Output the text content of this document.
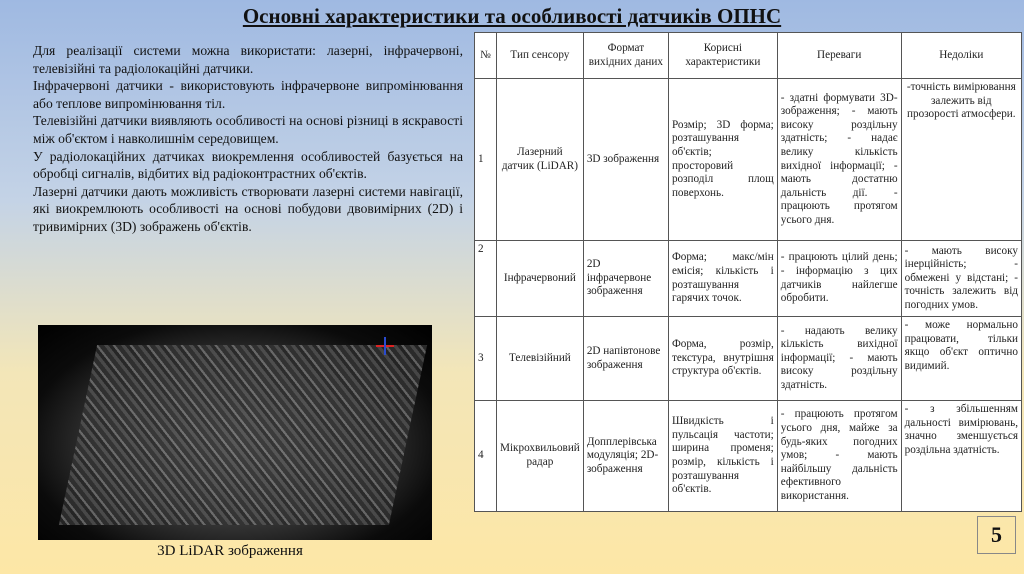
Основні характеристики та особливості датчиків ОПНС

Для реалізації системи можна використати: лазерні, інфрачервоні, телевізійні та радіолокаційні датчики.

Інфрачервоні датчики - використовують інфрачервоне випромінювання або теплове випромінювання тіл.

Телевізійні датчики виявляють особливості на основі різниці в яскравості між об'єктом і навколишнім середовищем.

У радіолокаційних датчиках виокремлення особливостей базується на обробці сигналів, відбитих від радіоконтрастних об'єктів.

Лазерні датчики дають можливість створювати лазерні системи навігації, які виокремлюють особливості на основі побудови двовимірних (2D) і тривимірних (3D) зображень об'єктів.

3D LiDAR зображення
№	Тип сенсору	Формат вихідних даних	Корисні характеристики	Переваги	Недоліки
1	Лазерний датчик (LiDAR)	3D зображення	Розмір; 3D форма; розташування об'єктів; просторовий розподіл площ поверхонь.	- здатні формувати 3D-зображення; - мають високу роздільну здатність; - надає велику кількість вихідної інформації; - мають достатню дальність дії. - працюють протягом усього дня.	-точність вимірювання залежить від прозорості атмосфери.
2	Інфрачервоний	2D інфрачервоне зображення	Форма; макс/мін емісія; кількість і розташування гарячих точок.	- працюють цілий день; - інформацію з цих датчиків найлегше обробити.	- мають високу інерційність; - обмежені у відстані; - точність залежить від погодних умов.
3	Телевізійний	2D напівтонове зображення	Форма, розмір, текстура, внутрішня структура об'єктів.	- надають велику кількість вихідної інформації; - мають високу роздільну здатність.	- може нормально працювати, тільки якщо об'єкт оптично видимий.
4	Мікрохвильовий радар	Допплерівська модуляція; 2D-зображення	Швидкість і пульсація частоти; ширина променя; розмір, кількість і розташування об'єктів.	- працюють протягом усього дня, майже за будь-яких погодних умов; - мають найбільшу дальність ефективного використання.	- з збільшенням дальності вимірювань, значно зменшується роздільна здатність.
5
